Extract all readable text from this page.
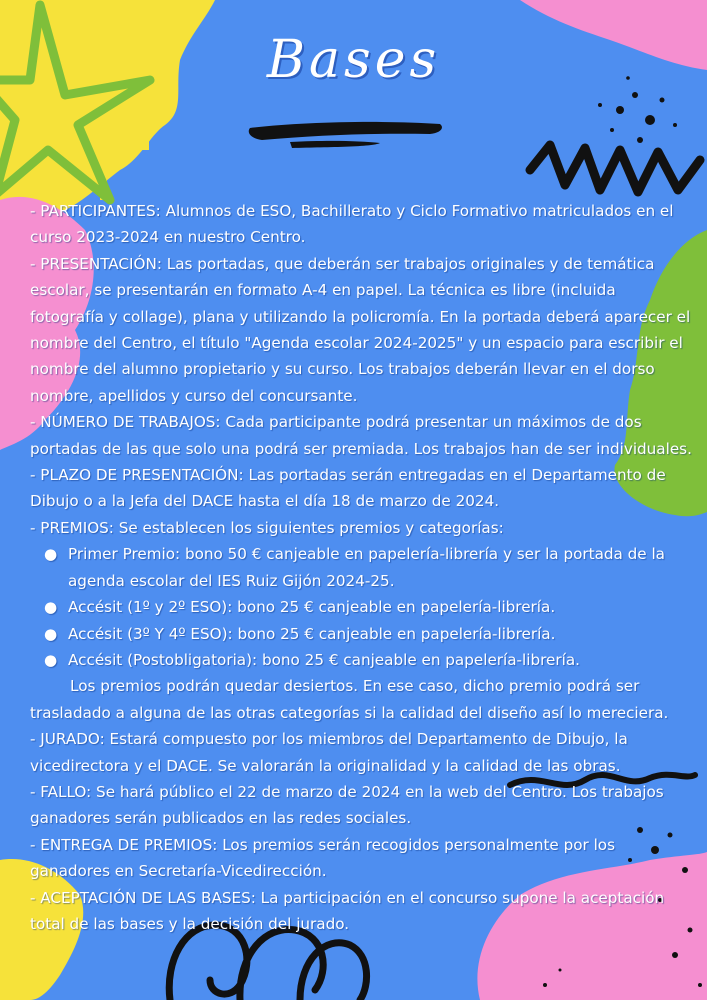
Bases

- PARTICIPANTES: Alumnos de ESO, Bachillerato y Ciclo Formativo matriculados en el curso 2023-2024 en nuestro Centro.

- PRESENTACIÓN: Las portadas, que deberán ser trabajos originales y de temática escolar, se presentarán en formato A-4 en papel. La técnica es libre (incluida fotografía y collage), plana y utilizando la policromía. En la portada deberá aparecer el nombre del Centro, el título "Agenda escolar 2024-2025" y un espacio para escribir el nombre del alumno propietario y su curso. Los trabajos deberán llevar en el dorso nombre, apellidos y curso del concursante.

- NÚMERO DE TRABAJOS: Cada participante podrá presentar un máximos de dos portadas de las que solo una podrá ser premiada. Los trabajos han de ser individuales.

- PLAZO DE PRESENTACIÓN: Las portadas serán entregadas en el Departamento de Dibujo o a la Jefa del DACE hasta el día 18 de marzo de 2024.

- PREMIOS: Se establecen los siguientes premios y categorías:

● Primer Premio: bono 50 € canjeable en papelería-librería y ser la portada de la agenda escolar del IES Ruiz Gijón 2024-25.
● Accésit (1º y 2º ESO): bono 25 € canjeable en papelería-librería.
● Accésit (3º Y 4º ESO): bono 25 € canjeable en papelería-librería.
● Accésit (Postobligatoria): bono 25 € canjeable en papelería-librería.

Los premios podrán quedar desiertos. En ese caso, dicho premio podrá ser trasladado a alguna de las otras categorías si la calidad del diseño así lo mereciera.

- JURADO: Estará compuesto por los miembros del Departamento de Dibujo, la vicedirectora y el DACE. Se valorarán la originalidad y la calidad de las obras.

- FALLO: Se hará público el 22 de marzo de 2024 en la web del Centro. Los trabajos ganadores serán publicados en las redes sociales.

- ENTREGA DE PREMIOS: Los premios serán recogidos personalmente por los ganadores en Secretaría-Vicedirección.

- ACEPTACIÓN DE LAS BASES: La participación en el concurso supone la aceptación total de las bases y la decisión del jurado.
